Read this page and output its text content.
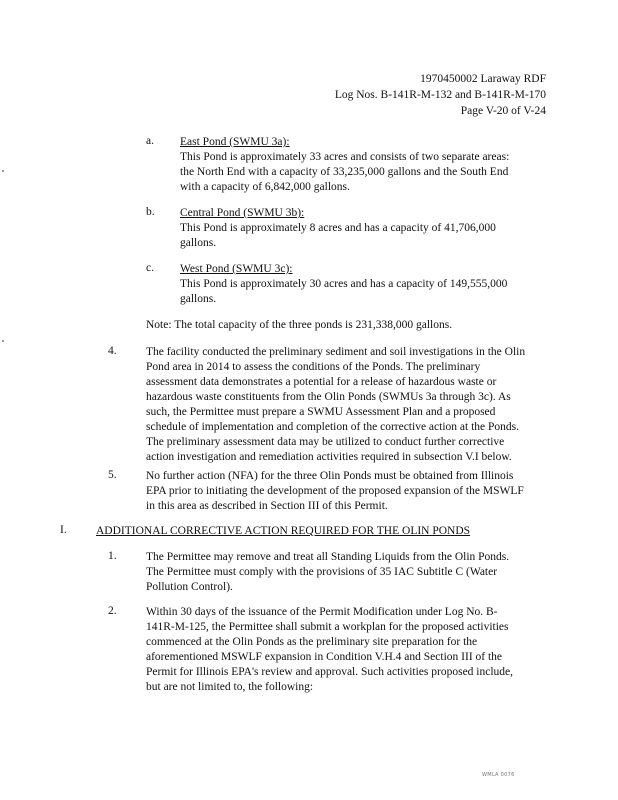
1970450002 Laraway RDF
Log Nos. B-141R-M-132 and B-141R-M-170
Page V-20 of V-24
a. East Pond (SWMU 3a):

This Pond is approximately 33 acres and consists of two separate areas:

the North End with a capacity of 33,235,000 gallons and the South End

with a capacity of 6,842,000 gallons.

b. Central Pond (SWMU 3b):

This Pond is approximately 8 acres and has a capacity of 41,706,000

gallons.

c. West Pond (SWMU 3c):

This Pond is approximately 30 acres and has a capacity of 149,555,000

gallons.

Note: The total capacity of the three ponds is 231,338,000 gallons.
4.	The facility conducted the preliminary sediment and soil investigations in the Olin

Pond area in 2014 to assess the conditions of the Ponds. The preliminary

assessment data demonstrates a potential for a release of hazardous waste or

hazardous waste constituents from the Olin Ponds (SWMUs 3a through 3c). As

such, the Permittee must prepare a SWMU Assessment Plan and a proposed

schedule of implementation and completion of the corrective action at the Ponds.

The preliminary assessment data may be utilized to conduct further corrective

action investigation and remediation activities required in subsection V.I below.

5.	No further action (NFA) for the three Olin Ponds must be obtained from Illinois

EPA prior to initiating the development of the proposed expansion of the MSWLF

in this area as described in Section III of this Permit.

I.	ADDITIONAL CORRECTIVE ACTION REQUIRED FOR THE OLIN PONDS
1.	The Permittee may remove and treat all Standing Liquids from the Olin Ponds.

The Permittee must comply with the provisions of 35 IAC Subtitle C (Water

Pollution Control).

2.	Within 30 days of the issuance of the Permit Modification under Log No. B-

141R-M-125, the Permittee shall submit a workplan for the proposed activities

commenced at the Olin Ponds as the preliminary site preparation for the

aforementioned MSWLF expansion in Condition V.H.4 and Section III of the

Permit for Illinois EPA's review and approval. Such activities proposed include,

but are not limited to, the following:

WMLA 0076
